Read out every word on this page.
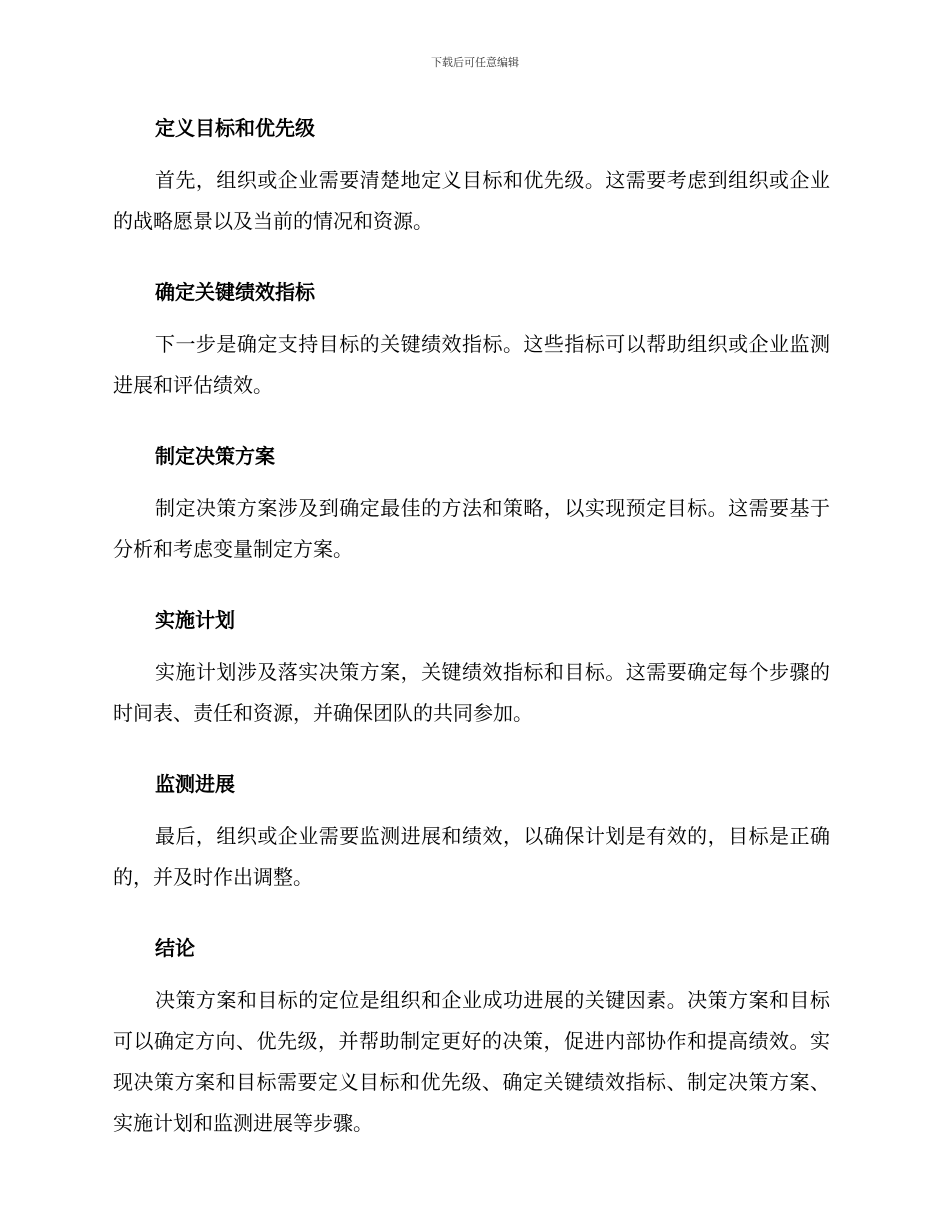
下载后可任意编辑
定义目标和优先级

首先，组织或企业需要清楚地定义目标和优先级。这需要考虑到组织或企业的战略愿景以及当前的情况和资源。

确定关键绩效指标

下一步是确定支持目标的关键绩效指标。这些指标可以帮助组织或企业监测进展和评估绩效。

制定决策方案

制定决策方案涉及到确定最佳的方法和策略，以实现预定目标。这需要基于分析和考虑变量制定方案。

实施计划

实施计划涉及落实决策方案，关键绩效指标和目标。这需要确定每个步骤的时间表、责任和资源，并确保团队的共同参加。

监测进展

最后，组织或企业需要监测进展和绩效，以确保计划是有效的，目标是正确的，并及时作出调整。

结论

决策方案和目标的定位是组织和企业成功进展的关键因素。决策方案和目标可以确定方向、优先级，并帮助制定更好的决策，促进内部协作和提高绩效。实现决策方案和目标需要定义目标和优先级、确定关键绩效指标、制定决策方案、实施计划和监测进展等步骤。
